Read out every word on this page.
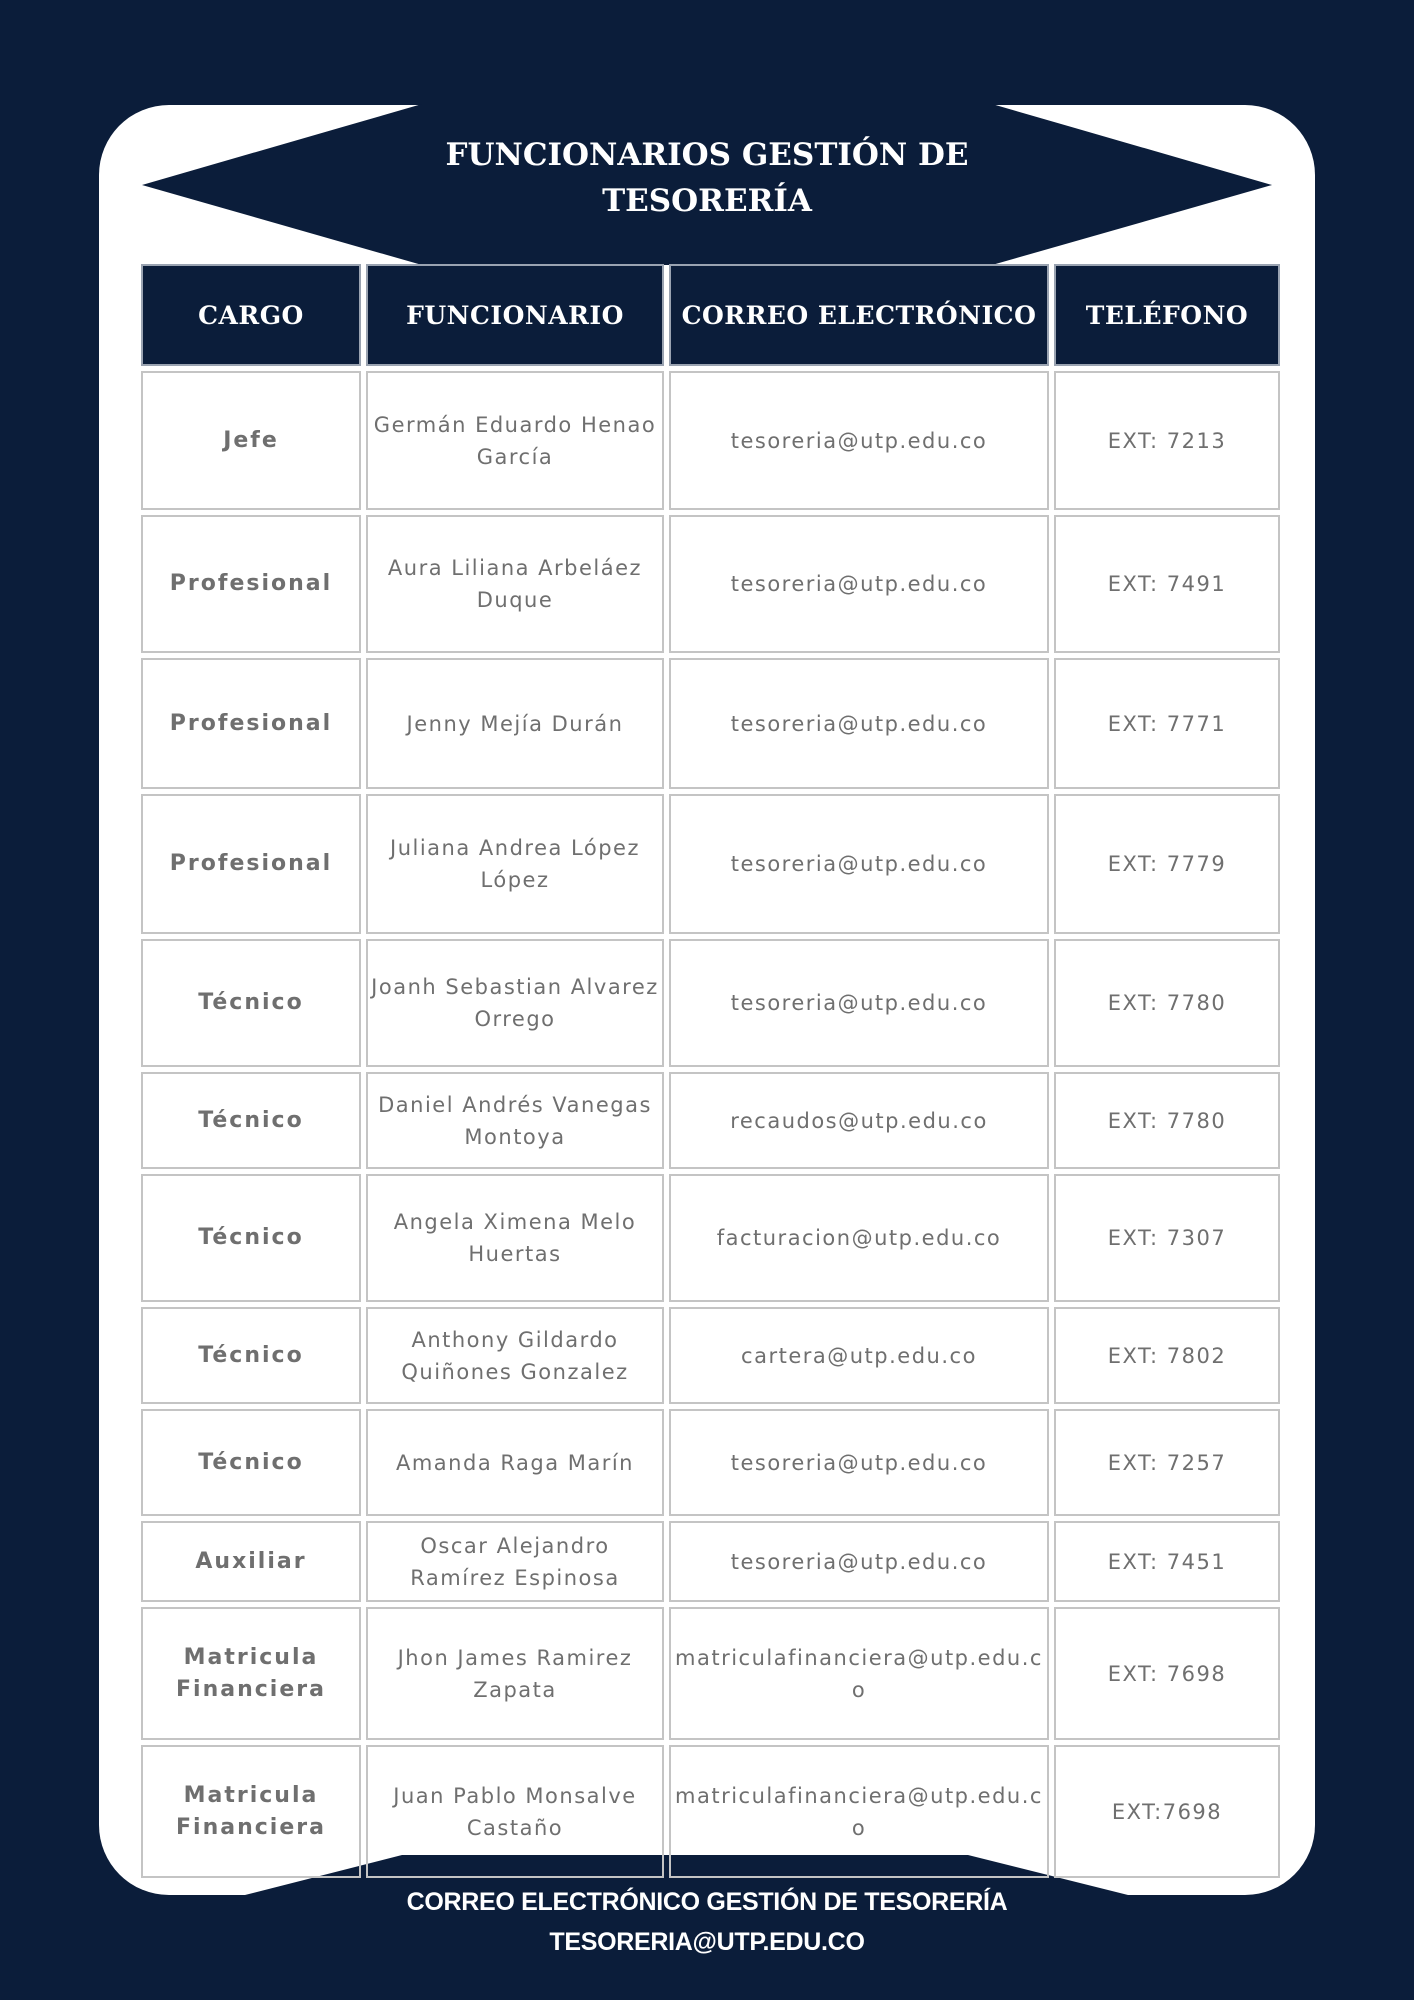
FUNCIONARIOS GESTIÓN DE TESORERÍA
CARGO	FUNCIONARIO	CORREO ELECTRÓNICO	TELÉFONO
Jefe	Germán Eduardo Henao García	tesoreria@utp.edu.co	EXT: 7213
Profesional	Aura Liliana Arbeláez Duque	tesoreria@utp.edu.co	EXT: 7491
Profesional	Jenny Mejía Durán	tesoreria@utp.edu.co	EXT: 7771
Profesional	Juliana Andrea López López	tesoreria@utp.edu.co	EXT: 7779
Técnico	Joanh Sebastian Alvarez Orrego	tesoreria@utp.edu.co	EXT: 7780
Técnico	Daniel Andrés Vanegas Montoya	recaudos@utp.edu.co	EXT: 7780
Técnico	Angela Ximena Melo Huertas	facturacion@utp.edu.co	EXT: 7307
Técnico	Anthony Gildardo Quiñones Gonzalez	cartera@utp.edu.co	EXT: 7802
Técnico	Amanda Raga Marín	tesoreria@utp.edu.co	EXT: 7257
Auxiliar	Oscar Alejandro Ramírez Espinosa	tesoreria@utp.edu.co	EXT: 7451
Matricula Financiera	Jhon James Ramirez Zapata	matriculafinanciera@utp.edu.co	EXT: 7698
Matricula Financiera	Juan Pablo Monsalve Castaño	matriculafinanciera@utp.edu.co	EXT:7698
CORREO ELECTRÓNICO GESTIÓN DE TESORERÍA
TESORERIA@UTP.EDU.CO
